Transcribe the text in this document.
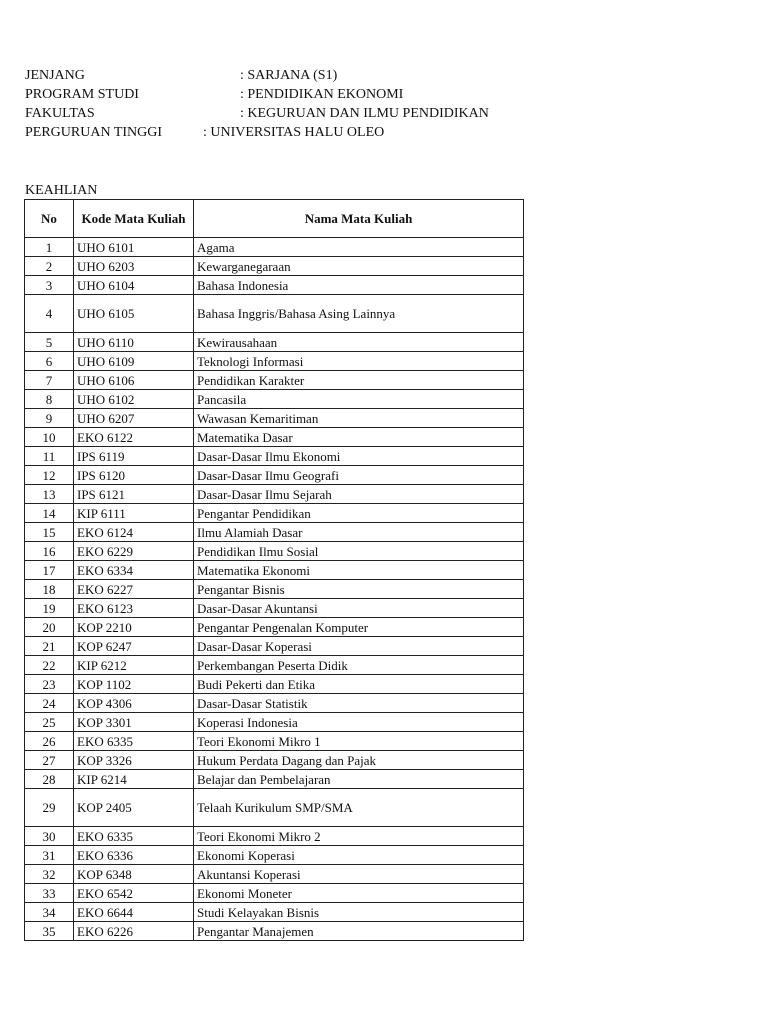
JENJANG	: SARJANA (S1)
PROGRAM STUDI	: PENDIDIKAN EKONOMI
FAKULTAS	: KEGURUAN DAN ILMU PENDIDIKAN
PERGURUAN TINGGI	: UNIVERSITAS HALU OLEO
KEAHLIAN
No	Kode Mata Kuliah	Nama Mata Kuliah
1	UHO 6101	Agama
2	UHO 6203	Kewarganegaraan
3	UHO 6104	Bahasa Indonesia
4	UHO 6105	Bahasa Inggris/Bahasa Asing Lainnya
5	UHO 6110	Kewirausahaan
6	UHO 6109	Teknologi Informasi
7	UHO 6106	Pendidikan Karakter
8	UHO 6102	Pancasila
9	UHO 6207	Wawasan Kemaritiman
10	EKO 6122	Matematika Dasar
11	IPS 6119	Dasar-Dasar Ilmu Ekonomi
12	IPS 6120	Dasar-Dasar Ilmu Geografi
13	IPS 6121	Dasar-Dasar Ilmu Sejarah
14	KIP 6111	Pengantar Pendidikan
15	EKO 6124	Ilmu Alamiah Dasar
16	EKO 6229	Pendidikan Ilmu Sosial
17	EKO 6334	Matematika Ekonomi
18	EKO 6227	Pengantar Bisnis
19	EKO 6123	Dasar-Dasar Akuntansi
20	KOP 2210	Pengantar Pengenalan Komputer
21	KOP 6247	Dasar-Dasar Koperasi
22	KIP 6212	Perkembangan Peserta Didik
23	KOP 1102	Budi Pekerti dan Etika
24	KOP 4306	Dasar-Dasar Statistik
25	KOP 3301	Koperasi Indonesia
26	EKO 6335	Teori Ekonomi Mikro 1
27	KOP 3326	Hukum Perdata Dagang dan Pajak
28	KIP 6214	Belajar dan Pembelajaran
29	KOP 2405	Telaah Kurikulum SMP/SMA
30	EKO 6335	Teori Ekonomi Mikro 2
31	EKO 6336	Ekonomi Koperasi
32	KOP 6348	Akuntansi Koperasi
33	EKO 6542	Ekonomi Moneter
34	EKO 6644	Studi Kelayakan Bisnis
35	EKO 6226	Pengantar Manajemen
